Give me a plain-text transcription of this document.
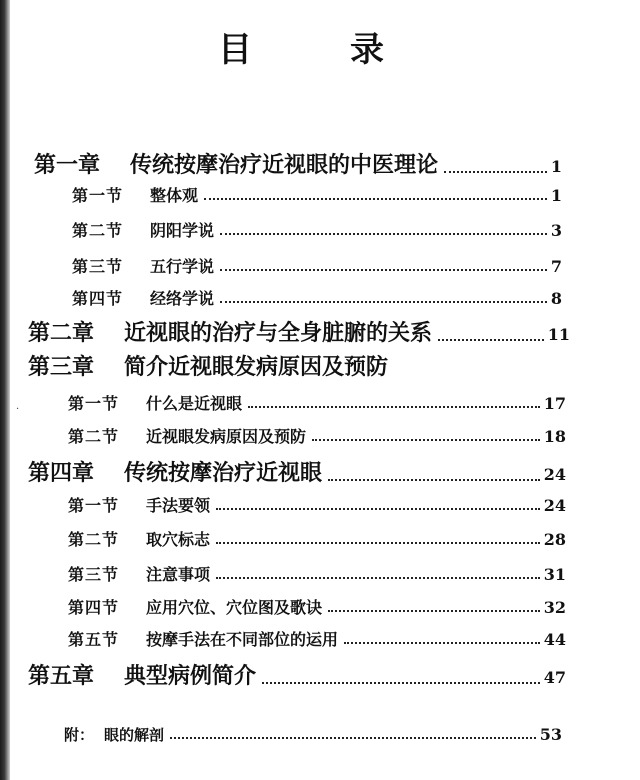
·
目	录
第一章	传统按摩治疗近视眼的中医理论	1
第一节	整体观	1
第二节	阴阳学说	3
第三节	五行学说	7
第四节	经络学说	8
第二章	近视眼的治疗与全身脏腑的关系	11
第三章	简介近视眼发病原因及预防
第一节	什么是近视眼	17
第二节	近视眼发病原因及预防	18
第四章	传统按摩治疗近视眼	24
第一节	手法要领	24
第二节	取穴标志	28
第三节	注意事项	31
第四节	应用穴位、穴位图及歌诀	32
第五节	按摩手法在不同部位的运用	44
第五章	典型病例简介	47
附： 眼的解剖	53
